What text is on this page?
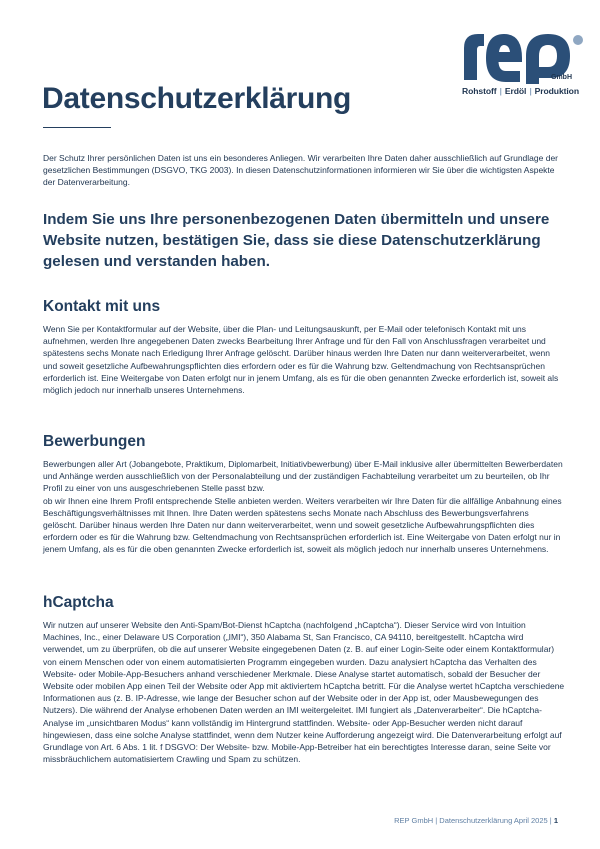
GmbH
Rohstoff | Erdöl | Produktion
Datenschutzerklärung

Der Schutz Ihrer persönlichen Daten ist uns ein besonderes Anliegen. Wir verarbeiten Ihre Daten daher ausschließlich auf Grundlage der gesetzlichen Bestimmungen (DSGVO, TKG 2003). In diesen Datenschutzinformationen informieren wir Sie über die wichtigsten Aspekte der Datenverarbeitung.

Indem Sie uns Ihre personenbezogenen Daten übermitteln und unsere Website nutzen, bestätigen Sie, dass sie diese Datenschutzerklärung gelesen und verstanden haben.

Kontakt mit uns

Wenn Sie per Kontaktformular auf der Website, über die Plan- und Leitungsauskunft, per E-Mail oder telefonisch Kontakt mit uns aufnehmen, werden Ihre angegebenen Daten zwecks Bearbeitung Ihrer Anfrage und für den Fall von Anschlussfragen verarbeitet und spätestens sechs Monate nach Erledigung Ihrer Anfrage gelöscht. Darüber hinaus werden Ihre Daten nur dann weiterverarbeitet, wenn und soweit gesetzliche Aufbewahrungspflichten dies erfordern oder es für die Wahrung bzw. Geltendmachung von Rechtsansprüchen erforderlich ist. Eine Weitergabe von Daten erfolgt nur in jenem Umfang, als es für die oben genannten Zwecke erforderlich ist, soweit als möglich jedoch nur innerhalb unseres Unternehmens.

Bewerbungen

Bewerbungen aller Art (Jobangebote, Praktikum, Diplomarbeit, Initiativbewerbung) über E-Mail inklusive aller übermittelten Bewerberdaten und Anhänge werden ausschließlich von der Personalabteilung und der zuständigen Fachabteilung verarbeitet um zu beurteilen, ob Ihr Profil zu einer von uns ausgeschriebenen Stelle passt bzw.

ob wir Ihnen eine Ihrem Profil entsprechende Stelle anbieten werden. Weiters verarbeiten wir Ihre Daten für die allfällige Anbahnung eines Beschäftigungsverhältnisses mit Ihnen. Ihre Daten werden spätestens sechs Monate nach Abschluss des Bewerbungsverfahrens gelöscht. Darüber hinaus werden Ihre Daten nur dann weiterverarbeitet, wenn und soweit gesetzliche Aufbewahrungspflichten dies erfordern oder es für die Wahrung bzw. Geltendmachung von Rechtsansprüchen erforderlich ist. Eine Weitergabe von Daten erfolgt nur in jenem Umfang, als es für die oben genannten Zwecke erforderlich ist, soweit als möglich jedoch nur innerhalb unseres Unternehmens.

hCaptcha

Wir nutzen auf unserer Website den Anti-Spam/Bot-Dienst hCaptcha (nachfolgend „hCaptcha“). Dieser Service wird von Intuition Machines, Inc., einer Delaware US Corporation („IMI“), 350 Alabama St, San Francisco, CA 94110, bereitgestellt. hCaptcha wird verwendet, um zu überprüfen, ob die auf unserer Website eingegebenen Daten (z. B. auf einer Login-Seite oder einem Kontaktformular) von einem Menschen oder von einem automatisierten Programm eingegeben wurden. Dazu analysiert hCaptcha das Verhalten des Website- oder Mobile-App-Besuchers anhand verschiedener Merkmale. Diese Analyse startet automatisch, sobald der Besucher der Website oder mobilen App einen Teil der Website oder App mit aktiviertem hCaptcha betritt. Für die Analyse wertet hCaptcha verschiedene Informationen aus (z. B. IP-Adresse, wie lange der Besucher schon auf der Website oder in der App ist, oder Mausbewegungen des Nutzers). Die während der Analyse erhobenen Daten werden an IMI weitergeleitet. IMI fungiert als „Datenverarbeiter“. Die hCaptcha-Analyse im „unsichtbaren Modus“ kann vollständig im Hintergrund stattfinden. Website- oder App-Besucher werden nicht darauf hingewiesen, dass eine solche Analyse stattfindet, wenn dem Nutzer keine Aufforderung angezeigt wird. Die Datenverarbeitung erfolgt auf Grundlage von Art. 6 Abs. 1 lit. f DSGVO: Der Website- bzw. Mobile-App-Betreiber hat ein berechtigtes Interesse daran, seine Seite vor missbräuchlichem automatisiertem Crawling und Spam zu schützen.

REP GmbH | Datenschutzerklärung April 2025 | 1
